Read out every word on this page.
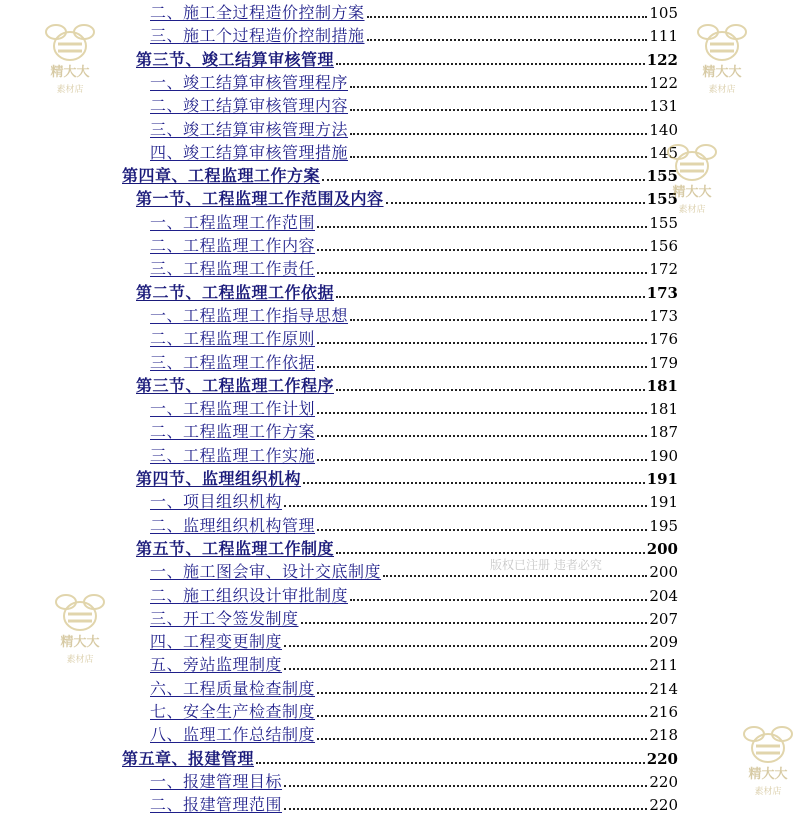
二、施工全过程造价控制方案	105
三、施工个过程造价控制措施	111
第三节、竣工结算审核管理	122
一、竣工结算审核管理程序	122
二、竣工结算审核管理内容	131
三、竣工结算审核管理方法	140
四、竣工结算审核管理措施	145
第四章、工程监理工作方案	155
第一节、工程监理工作范围及内容	155
一、工程监理工作范围	155
二、工程监理工作内容	156
三、工程监理工作责任	172
第二节、工程监理工作依据	173
一、工程监理工作指导思想	173
二、工程监理工作原则	176
三、工程监理工作依据	179
第三节、工程监理工作程序	181
一、工程监理工作计划	181
二、工程监理工作方案	187
三、工程监理工作实施	190
第四节、监理组织机构	191
一、项目组织机构	191
二、监理组织机构管理	195
第五节、工程监理工作制度	200
一、施工图会审、设计交底制度	200
二、施工组织设计审批制度	204
三、开工令签发制度	207
四、工程变更制度	209
五、旁站监理制度	211
六、工程质量检查制度	214
七、安全生产检查制度	216
八、监理工作总结制度	218
第五章、报建管理	220
一、报建管理目标	220
二、报建管理范围	220
精大大
素材店
精大大
素材店
精大大
素材店
精大大
素材店
精大大
素材店
版权已注册 违者必究
